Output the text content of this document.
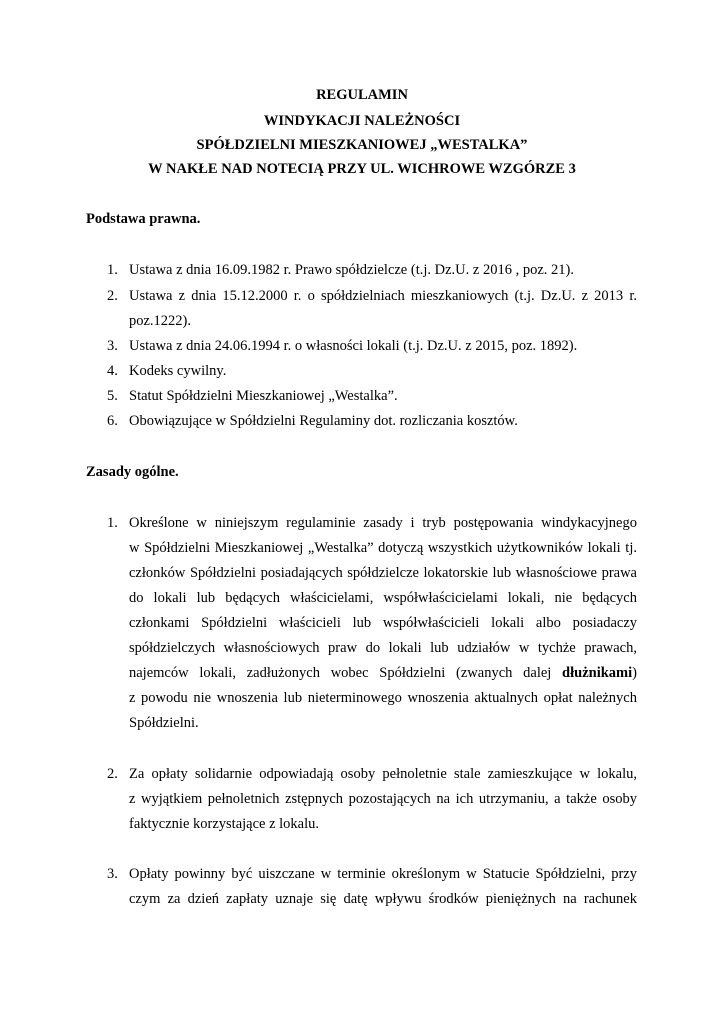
REGULAMIN
WINDYKACJI NALEŻNOŚCI
SPÓŁDZIELNI MIESZKANIOWEJ „WESTALKA”
W NAKŁE NAD NOTECIĄ PRZY UL. WICHROWE WZGÓRZE 3
Podstawa prawna.
1. Ustawa z dnia 16.09.1982 r. Prawo spółdzielcze (t.j. Dz.U. z 2016 , poz. 21).
2. Ustawa z dnia 15.12.2000 r. o spółdzielniach mieszkaniowych (t.j. Dz.U. z 2013 r.
poz.1222).
3. Ustawa z dnia 24.06.1994 r. o własności lokali (t.j. Dz.U. z 2015, poz. 1892).
4. Kodeks cywilny.
5. Statut Spółdzielni Mieszkaniowej „Westalka”.
6. Obowiązujące w Spółdzielni Regulaminy dot. rozliczania kosztów.
Zasady ogólne.
1. Określone w niniejszym regulaminie zasady i tryb postępowania windykacyjnego
w Spółdzielni Mieszkaniowej „Westalka” dotyczą wszystkich użytkowników lokali tj.
członków Spółdzielni posiadających spółdzielcze lokatorskie lub własnościowe prawa
do lokali lub będących właścicielami, współwłaścicielami lokali, nie będących
członkami Spółdzielni właścicieli lub współwłaścicieli lokali albo posiadaczy
spółdzielczych własnościowych praw do lokali lub udziałów w tychże prawach,
najemców lokali, zadłużonych wobec Spółdzielni (zwanych dalej dłużnikami)
z powodu nie wnoszenia lub nieterminowego wnoszenia aktualnych opłat należnych
Spółdzielni.
2. Za opłaty solidarnie odpowiadają osoby pełnoletnie stale zamieszkujące w lokalu,
z wyjątkiem pełnoletnich zstępnych pozostających na ich utrzymaniu, a także osoby
faktycznie korzystające z lokalu.
3. Opłaty powinny być uiszczane w terminie określonym w Statucie Spółdzielni, przy
czym za dzień zapłaty uznaje się datę wpływu środków pieniężnych na rachunek
